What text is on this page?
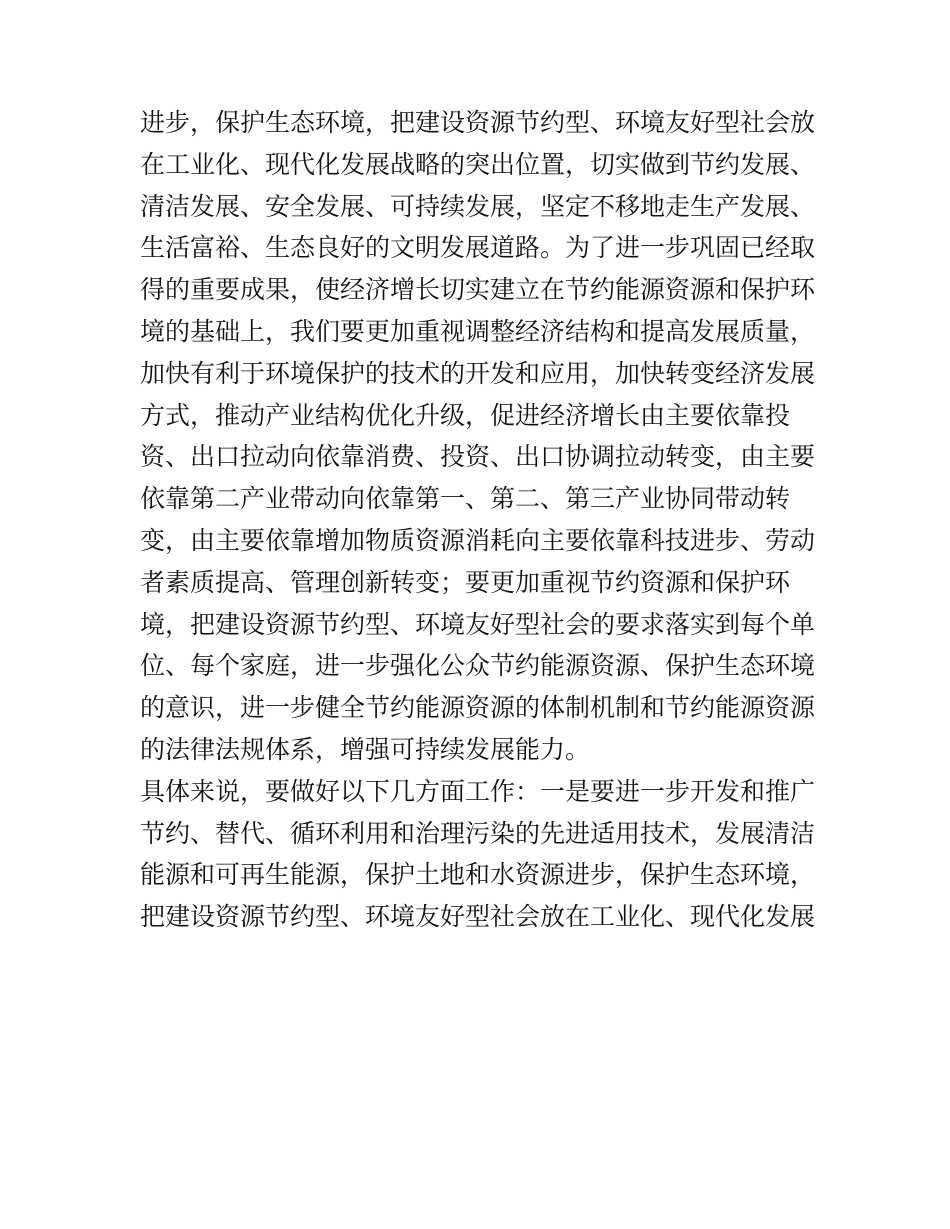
进步，保护生态环境，把建设资源节约型、环境友好型社会放
在工业化、现代化发展战略的突出位置，切实做到节约发展、
清洁发展、安全发展、可持续发展，坚定不移地走生产发展、
生活富裕、生态良好的文明发展道路。为了进一步巩固已经取
得的重要成果，使经济增长切实建立在节约能源资源和保护环
境的基础上，我们要更加重视调整经济结构和提高发展质量，
加快有利于环境保护的技术的开发和应用，加快转变经济发展
方式，推动产业结构优化升级，促进经济增长由主要依靠投
资、出口拉动向依靠消费、投资、出口协调拉动转变，由主要
依靠第二产业带动向依靠第一、第二、第三产业协同带动转
变，由主要依靠增加物质资源消耗向主要依靠科技进步、劳动
者素质提高、管理创新转变；要更加重视节约资源和保护环
境，把建设资源节约型、环境友好型社会的要求落实到每个单
位、每个家庭，进一步强化公众节约能源资源、保护生态环境
的意识，进一步健全节约能源资源的体制机制和节约能源资源
的法律法规体系，增强可持续发展能力。
具体来说，要做好以下几方面工作：一是要进一步开发和推广
节约、替代、循环利用和治理污染的先进适用技术，发展清洁
能源和可再生能源，保护土地和水资源进步，保护生态环境，
把建设资源节约型、环境友好型社会放在工业化、现代化发展
